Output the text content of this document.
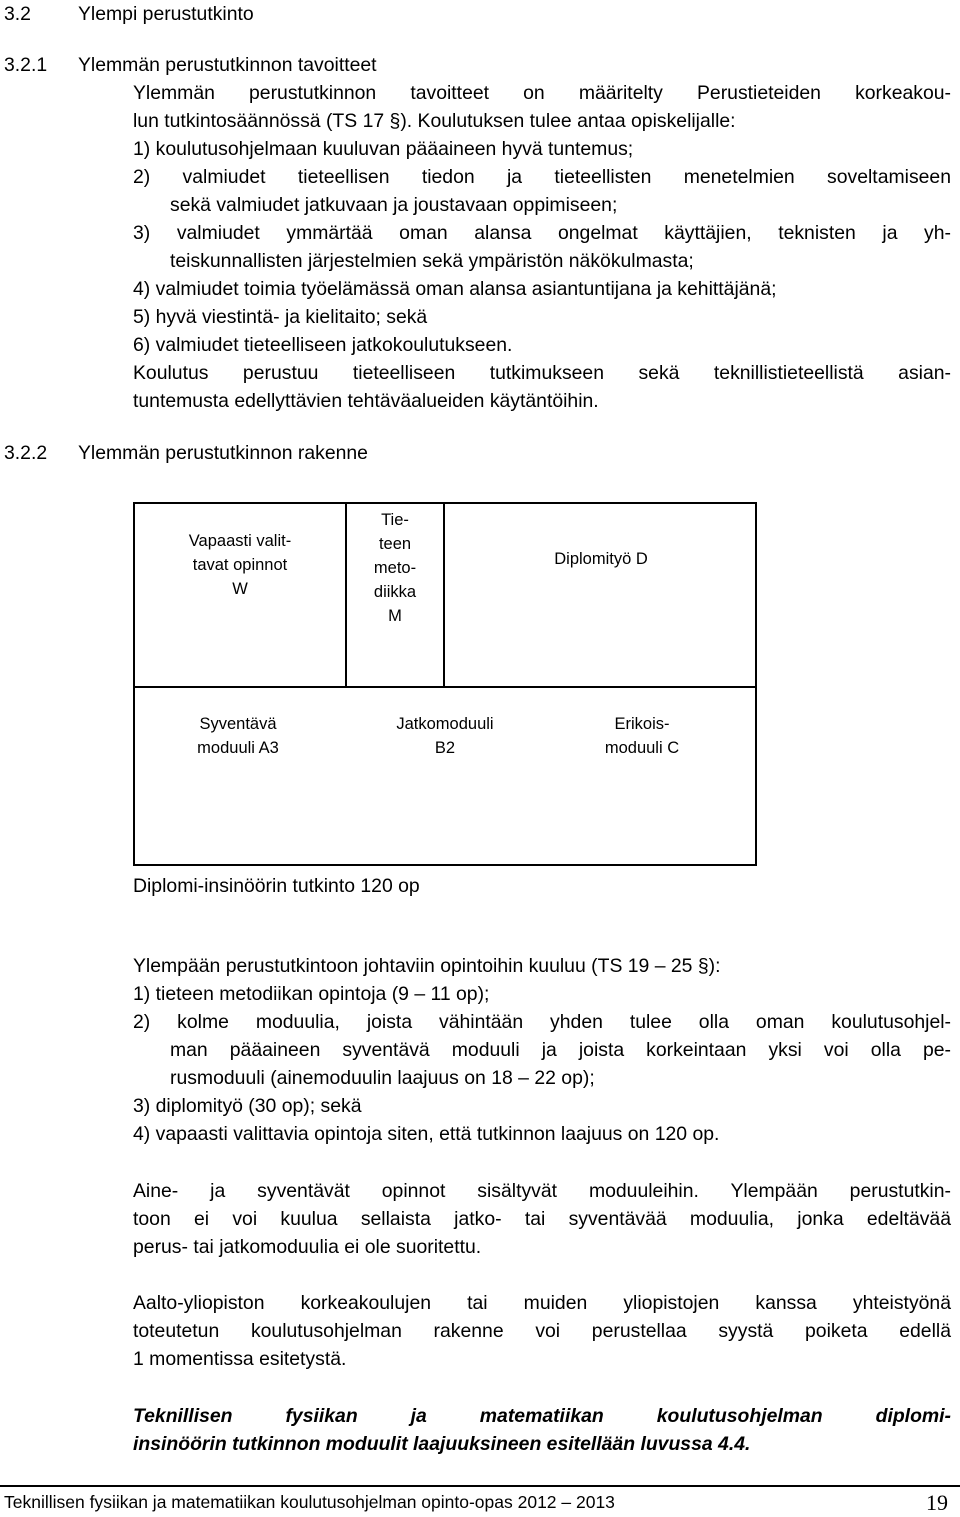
3.2 Ylempi perustutkinto
3.2.1 Ylemmän perustutkinnon tavoitteet
Ylemmän perustutkinnon tavoitteet on määritelty Perustieteiden korkeakou-
lun tutkintosäännössä (TS 17 §). Koulutuksen tulee antaa opiskelijalle:
1) koulutusohjelmaan kuuluvan pääaineen hyvä tuntemus;
2) valmiudet tieteellisen tiedon ja tieteellisten menetelmien soveltamiseen
sekä valmiudet jatkuvaan ja joustavaan oppimiseen;
3) valmiudet ymmärtää oman alansa ongelmat käyttäjien, teknisten ja yh-
teiskunnallisten järjestelmien sekä ympäristön näkökulmasta;
4) valmiudet toimia työelämässä oman alansa asiantuntijana ja kehittäjänä;
5) hyvä viestintä- ja kielitaito; sekä
6) valmiudet tieteelliseen jatkokoulutukseen.
Koulutus perustuu tieteelliseen tutkimukseen sekä teknillistieteellistä asian-
tuntemusta edellyttävien tehtäväalueiden käytäntöihin.
3.2.2 Ylemmän perustutkinnon rakenne
Vapaasti valit-
tavat opinnot
W
Tie-
teen
meto-
diikka
M
Diplomityö D
Syventävä
moduuli A3
Jatkomoduuli
B2
Erikois-
moduuli C
Diplomi-insinöörin tutkinto 120 op
Ylempään perustutkintoon johtaviin opintoihin kuuluu (TS 19 – 25 §):
1) tieteen metodiikan opintoja (9 – 11 op);
2) kolme moduulia, joista vähintään yhden tulee olla oman koulutusohjel-
man pääaineen syventävä moduuli ja joista korkeintaan yksi voi olla pe-
rusmoduuli (ainemoduulin laajuus on 18 – 22 op);
3) diplomityö (30 op); sekä
4) vapaasti valittavia opintoja siten, että tutkinnon laajuus on 120 op.
Aine- ja syventävät opinnot sisältyvät moduuleihin. Ylempään perustutkin-
toon ei voi kuulua sellaista jatko- tai syventävää moduulia, jonka edeltävää
perus- tai jatkomoduulia ei ole suoritettu.
Aalto-yliopiston korkeakoulujen tai muiden yliopistojen kanssa yhteistyönä
toteutetun koulutusohjelman rakenne voi perustellaa syystä poiketa edellä
1 momentissa esitetystä.
Teknillisen fysiikan ja matematiikan koulutusohjelman diplomi-
insinöörin tutkinnon moduulit laajuuksineen esitellään luvussa 4.4.
Teknillisen fysiikan ja matematiikan koulutusohjelman opinto-opas 2012 – 2013	19
